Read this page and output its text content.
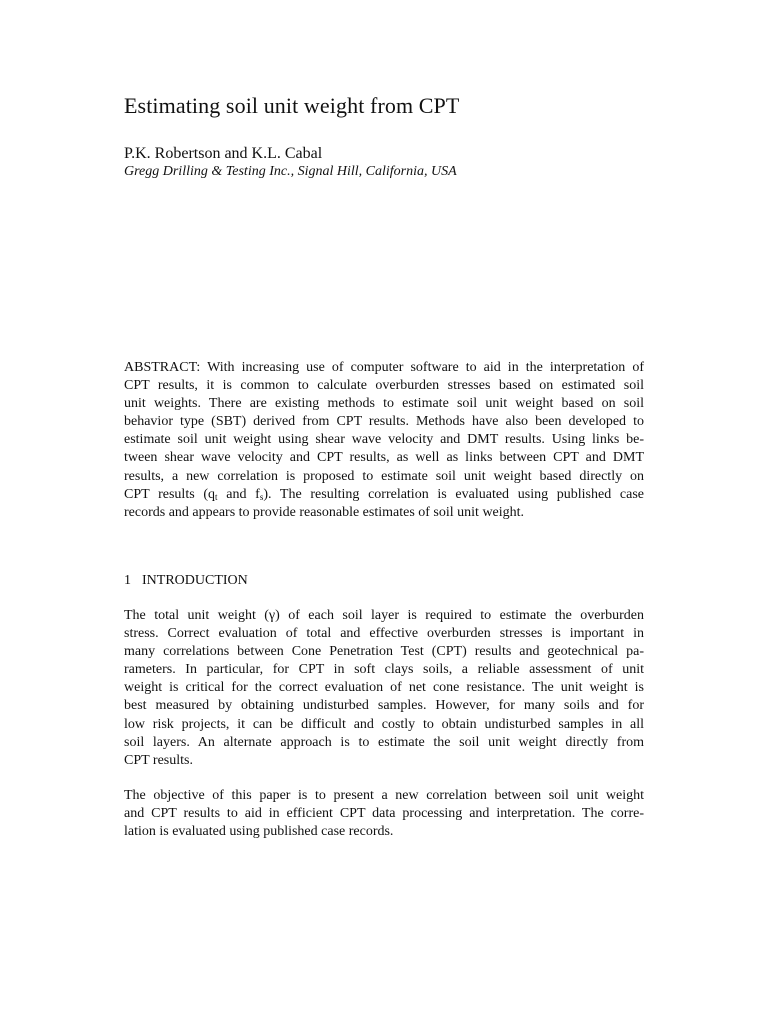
Estimating soil unit weight from CPT
P.K. Robertson and K.L. Cabal
Gregg Drilling & Testing Inc., Signal Hill, California, USA
ABSTRACT: With increasing use of computer software to aid in the interpretation of
CPT results, it is common to calculate overburden stresses based on estimated soil
unit weights. There are existing methods to estimate soil unit weight based on soil
behavior type (SBT) derived from CPT results. Methods have also been developed to
estimate soil unit weight using shear wave velocity and DMT results. Using links be-
tween shear wave velocity and CPT results, as well as links between CPT and DMT
results, a new correlation is proposed to estimate soil unit weight based directly on
CPT results ($q_t$ and $f_s$). The resulting correlation is evaluated using published case
records and appears to provide reasonable estimates of soil unit weight.
1 INTRODUCTION
The total unit weight (γ) of each soil layer is required to estimate the overburden
stress. Correct evaluation of total and effective overburden stresses is important in
many correlations between Cone Penetration Test (CPT) results and geotechnical pa-
rameters. In particular, for CPT in soft clays soils, a reliable assessment of unit
weight is critical for the correct evaluation of net cone resistance. The unit weight is
best measured by obtaining undisturbed samples. However, for many soils and for
low risk projects, it can be difficult and costly to obtain undisturbed samples in all
soil layers. An alternate approach is to estimate the soil unit weight directly from
CPT results.
The objective of this paper is to present a new correlation between soil unit weight
and CPT results to aid in efficient CPT data processing and interpretation. The corre-
lation is evaluated using published case records.
